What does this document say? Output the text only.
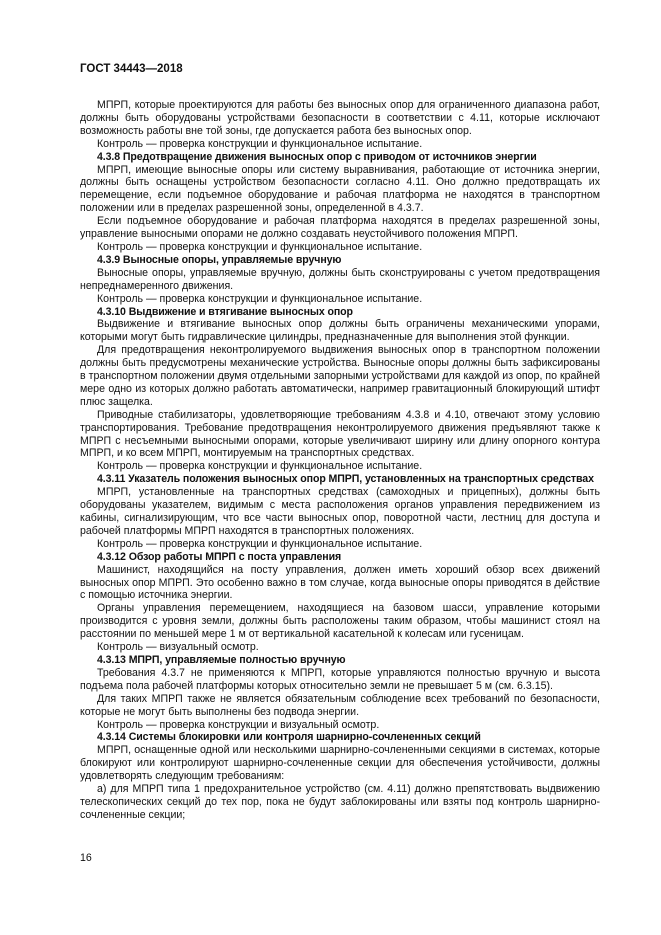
ГОСТ 34443—2018

МПРП, которые проектируются для работы без выносных опор для ограниченного диапазона работ, должны быть оборудованы устройствами безопасности в соответствии с 4.11, которые исключают возможность работы вне той зоны, где допускается работа без выносных опор.

Контроль — проверка конструкции и функциональное испытание.

4.3.8 Предотвращение движения выносных опор с приводом от источников энергии

МПРП, имеющие выносные опоры или систему выравнивания, работающие от источника энергии, должны быть оснащены устройством безопасности согласно 4.11. Оно должно предотвращать их перемещение, если подъемное оборудование и рабочая платформа не находятся в транспортном положении или в пределах разрешенной зоны, определенной в 4.3.7.

Если подъемное оборудование и рабочая платформа находятся в пределах разрешенной зоны, управление выносными опорами не должно создавать неустойчивого положения МПРП.

Контроль — проверка конструкции и функциональное испытание.

4.3.9 Выносные опоры, управляемые вручную

Выносные опоры, управляемые вручную, должны быть сконструированы с учетом предотвращения непреднамеренного движения.

Контроль — проверка конструкции и функциональное испытание.

4.3.10 Выдвижение и втягивание выносных опор

Выдвижение и втягивание выносных опор должны быть ограничены механическими упорами, которыми могут быть гидравлические цилиндры, предназначенные для выполнения этой функции.

Для предотвращения неконтролируемого выдвижения выносных опор в транспортном положении должны быть предусмотрены механические устройства. Выносные опоры должны быть зафиксированы в транспортном положении двумя отдельными запорными устройствами для каждой из опор, по крайней мере одно из которых должно работать автоматически, например гравитационный блокирующий штифт плюс защелка.

Приводные стабилизаторы, удовлетворяющие требованиям 4.3.8 и 4.10, отвечают этому условию транспортирования. Требование предотвращения неконтролируемого движения предъявляют также к МПРП с несъемными выносными опорами, которые увеличивают ширину или длину опорного контура МПРП, и ко всем МПРП, монтируемым на транспортных средствах.

Контроль — проверка конструкции и функциональное испытание.

4.3.11 Указатель положения выносных опор МПРП, установленных на транспортных средствах

МПРП, установленные на транспортных средствах (самоходных и прицепных), должны быть оборудованы указателем, видимым с места расположения органов управления передвижением из кабины, сигнализирующим, что все части выносных опор, поворотной части, лестниц для доступа и рабочей платформы МПРП находятся в транспортных положениях.

Контроль — проверка конструкции и функциональное испытание.

4.3.12 Обзор работы МПРП с поста управления

Машинист, находящийся на посту управления, должен иметь хороший обзор всех движений выносных опор МПРП. Это особенно важно в том случае, когда выносные опоры приводятся в действие с помощью источника энергии.

Органы управления перемещением, находящиеся на базовом шасси, управление которыми производится с уровня земли, должны быть расположены таким образом, чтобы машинист стоял на расстоянии по меньшей мере 1 м от вертикальной касательной к колесам или гусеницам.

Контроль — визуальный осмотр.

4.3.13 МПРП, управляемые полностью вручную

Требования 4.3.7 не применяются к МПРП, которые управляются полностью вручную и высота подъема пола рабочей платформы которых относительно земли не превышает 5 м (см. 6.3.15).

Для таких МПРП также не является обязательным соблюдение всех требований по безопасности, которые не могут быть выполнены без подвода энергии.

Контроль — проверка конструкции и визуальный осмотр.

4.3.14 Системы блокировки или контроля шарнирно-сочлененных секций

МПРП, оснащенные одной или несколькими шарнирно-сочлененными секциями в системах, которые блокируют или контролируют шарнирно-сочлененные секции для обеспечения устойчивости, должны удовлетворять следующим требованиям:

а) для МПРП типа 1 предохранительное устройство (см. 4.11) должно препятствовать выдвижению телескопических секций до тех пор, пока не будут заблокированы или взяты под контроль шарнирно-сочлененные секции;

16
